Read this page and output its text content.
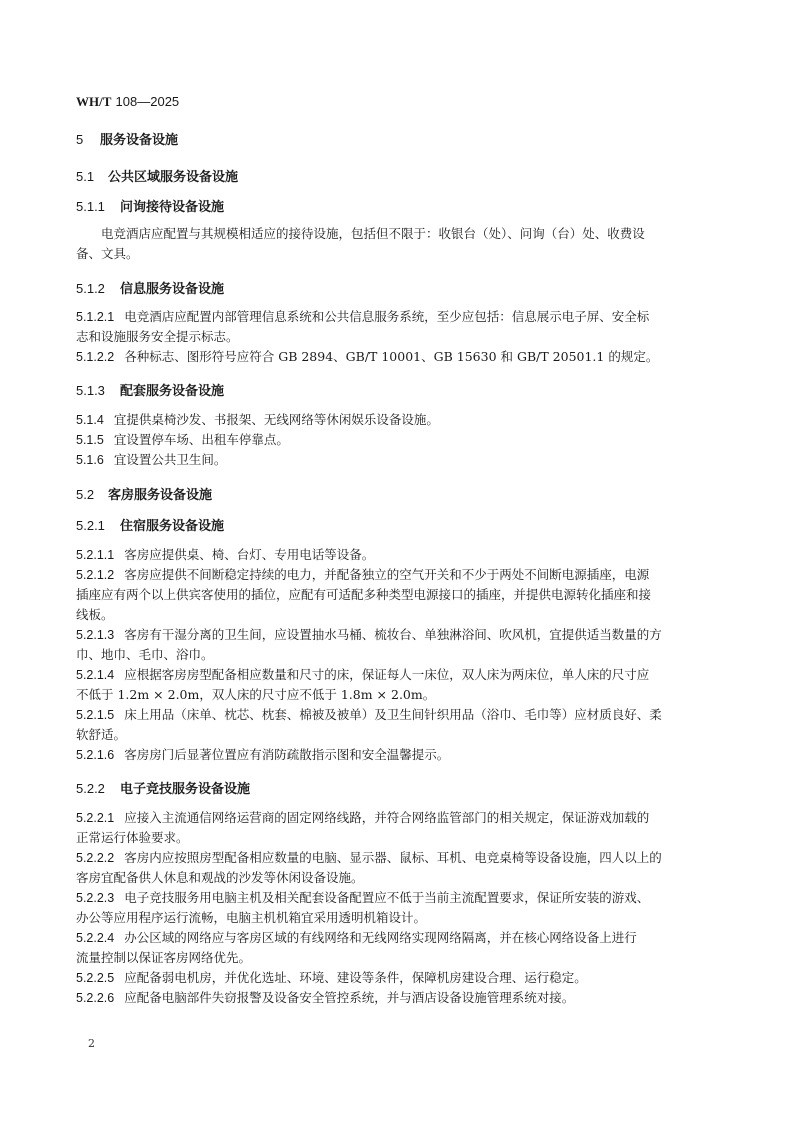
WH/T 108—2025
5 服务设备设施
5.1 公共区域服务设备设施
5.1.1 问询接待设备设施
电竞酒店应配置与其规模相适应的接待设施，包括但不限于：收银台（处）、问询（台）处、收费设
备、文具。
5.1.2 信息服务设备设施
5.1.2.1 电竞酒店应配置内部管理信息系统和公共信息服务系统，至少应包括：信息展示电子屏、安全标
志和设施服务安全提示标志。
5.1.2.2 各种标志、图形符号应符合 GB 2894、GB/T 10001、GB 15630 和 GB/T 20501.1 的规定。
5.1.3 配套服务设备设施
5.1.4 宜提供桌椅沙发、书报架、无线网络等休闲娱乐设备设施。
5.1.5 宜设置停车场、出租车停靠点。
5.1.6 宜设置公共卫生间。
5.2 客房服务设备设施
5.2.1 住宿服务设备设施
5.2.1.1 客房应提供桌、椅、台灯、专用电话等设备。
5.2.1.2 客房应提供不间断稳定持续的电力，并配备独立的空气开关和不少于两处不间断电源插座，电源
插座应有两个以上供宾客使用的插位，应配有可适配多种类型电源接口的插座，并提供电源转化插座和接
线板。
5.2.1.3 客房有干湿分离的卫生间，应设置抽水马桶、梳妆台、单独淋浴间、吹风机，宜提供适当数量的方
巾、地巾、毛巾、浴巾。
5.2.1.4 应根据客房房型配备相应数量和尺寸的床，保证每人一床位，双人床为两床位，单人床的尺寸应
不低于 1.2m × 2.0m，双人床的尺寸应不低于 1.8m × 2.0m。
5.2.1.5 床上用品（床单、枕芯、枕套、棉被及被单）及卫生间针织用品（浴巾、毛巾等）应材质良好、柔
软舒适。
5.2.1.6 客房房门后显著位置应有消防疏散指示图和安全温馨提示。
5.2.2 电子竞技服务设备设施
5.2.2.1 应接入主流通信网络运营商的固定网络线路，并符合网络监管部门的相关规定，保证游戏加载的
正常运行体验要求。
5.2.2.2 客房内应按照房型配备相应数量的电脑、显示器、鼠标、耳机、电竞桌椅等设备设施，四人以上的
客房宜配备供人休息和观战的沙发等休闲设备设施。
5.2.2.3 电子竞技服务用电脑主机及相关配套设备配置应不低于当前主流配置要求，保证所安装的游戏、
办公等应用程序运行流畅，电脑主机机箱宜采用透明机箱设计。
5.2.2.4 办公区域的网络应与客房区域的有线网络和无线网络实现网络隔离，并在核心网络设备上进行
流量控制以保证客房网络优先。
5.2.2.5 应配备弱电机房，并优化选址、环境、建设等条件，保障机房建设合理、运行稳定。
5.2.2.6 应配备电脑部件失窃报警及设备安全管控系统，并与酒店设备设施管理系统对接。
2
